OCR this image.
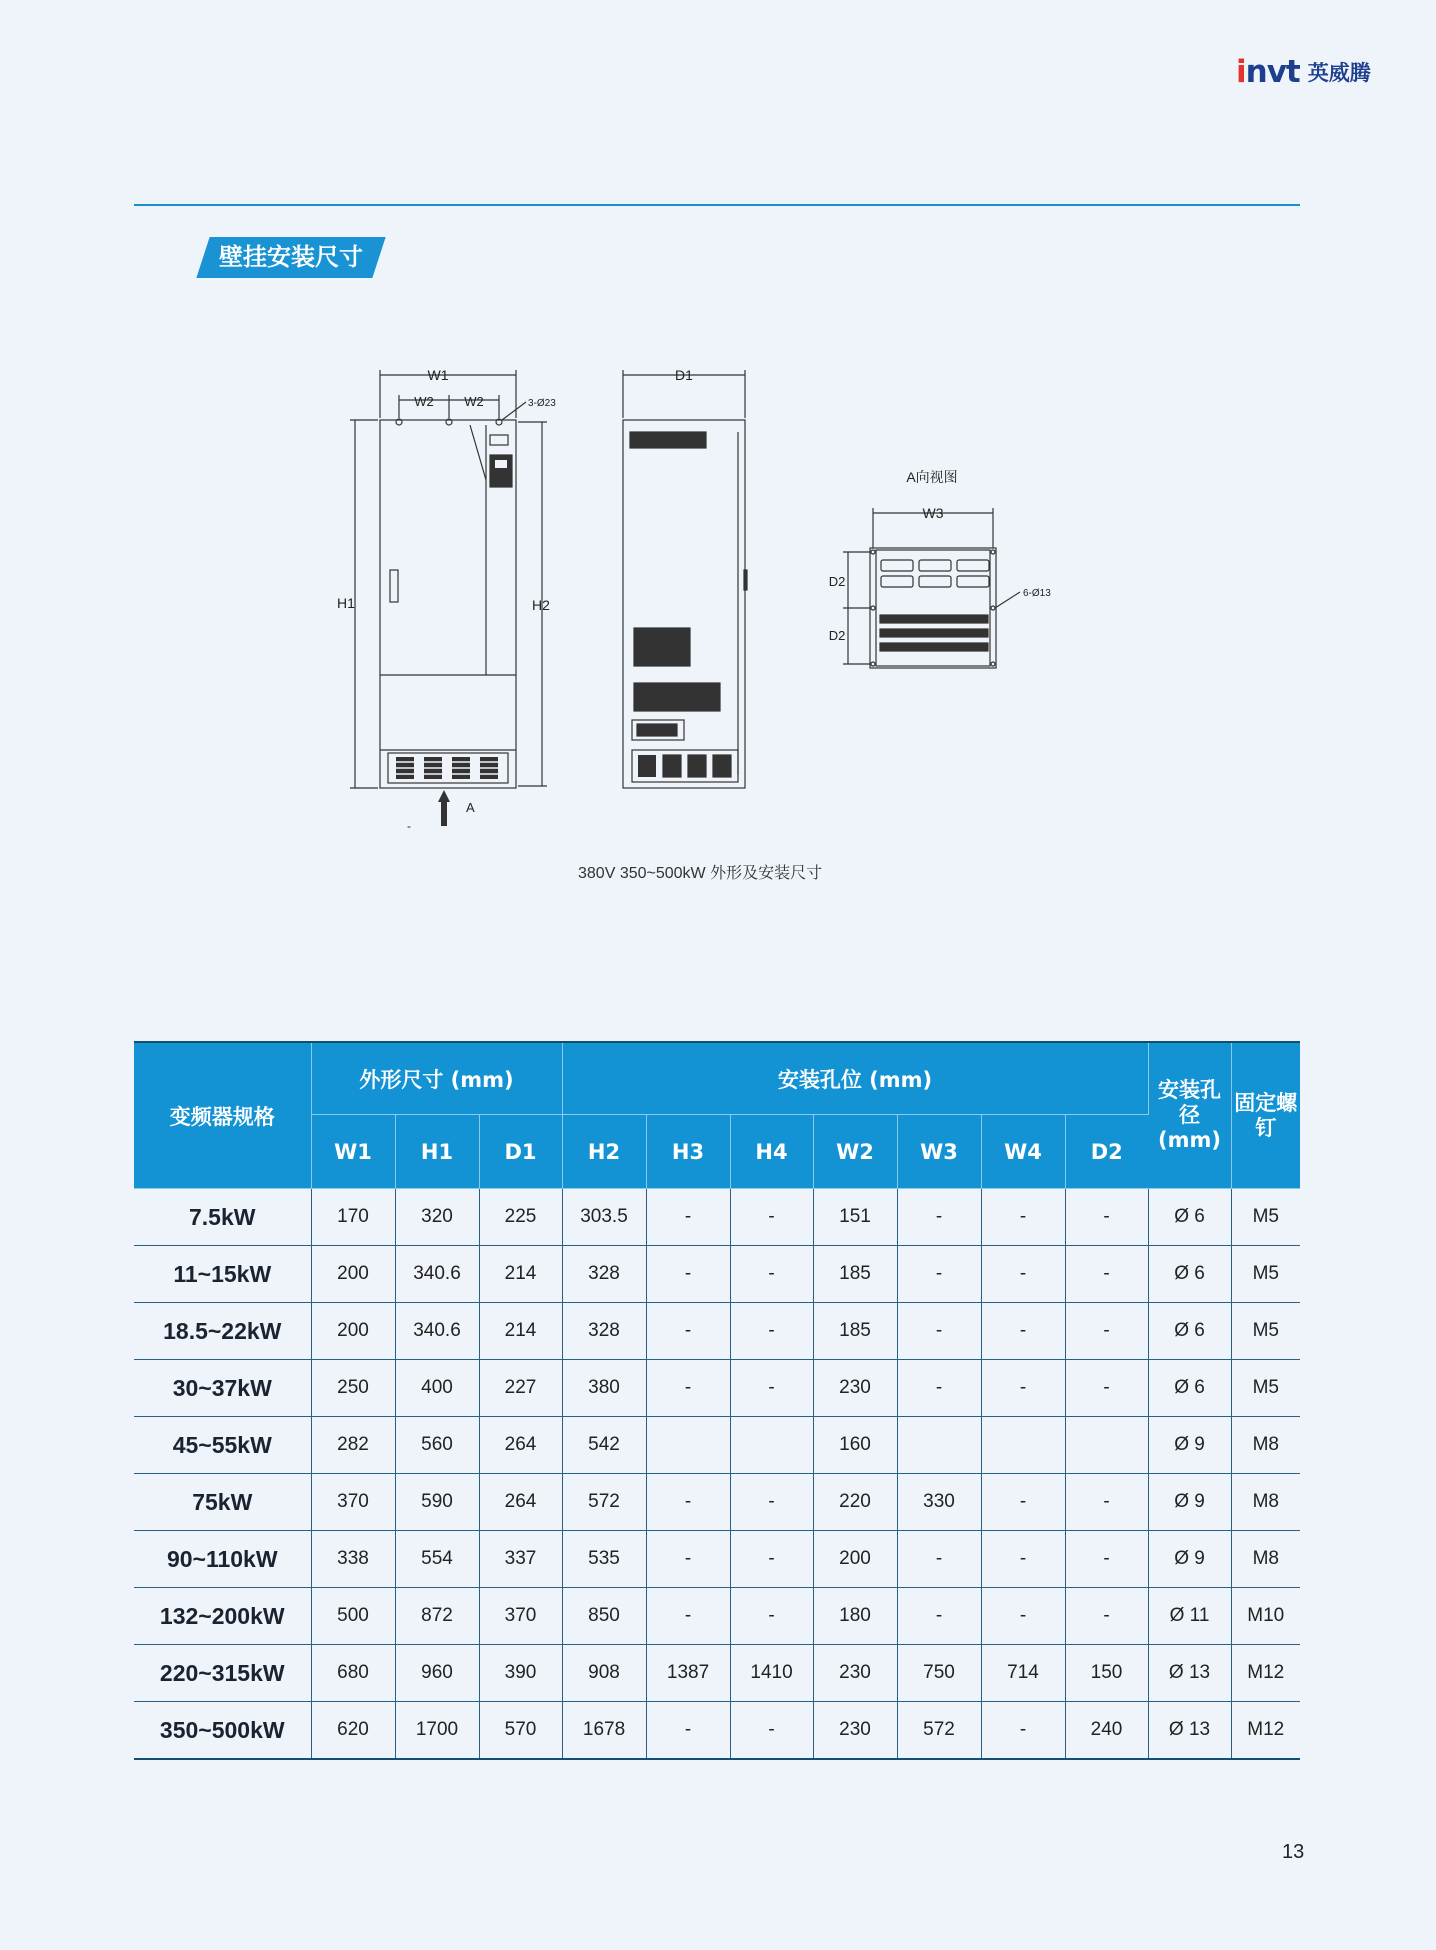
invt 英威腾
壁挂安装尺寸
W1
W2 W2	3-Ø23
H1	H2
A
-
D1
A向视图
W3
D2
D2
6-Ø13
380V 350~500kW 外形及安装尺寸
变频器规格	外形尺寸 (mm)			安装孔位 (mm)							安装孔径(mm)	固定螺钉
	W1	H1	D1	H2	H3	H4	W2	W3	W4	D2		
7.5kW	170	320	225	303.5	-	-	151	-	-	-	Ø 6	M5
11~15kW	200	340.6	214	328	-	-	185	-	-	-	Ø 6	M5
18.5~22kW	200	340.6	214	328	-	-	185	-	-	-	Ø 6	M5
30~37kW	250	400	227	380	-	-	230	-	-	-	Ø 6	M5
45~55kW	282	560	264	542			160				Ø 9	M8
75kW	370	590	264	572	-	-	220	330	-	-	Ø 9	M8
90~110kW	338	554	337	535	-	-	200	-	-	-	Ø 9	M8
132~200kW	500	872	370	850	-	-	180	-	-	-	Ø 11	M10
220~315kW	680	960	390	908	1387	1410	230	750	714	150	Ø 13	M12
350~500kW	620	1700	570	1678	-	-	230	572	-	240	Ø 13	M12
13
